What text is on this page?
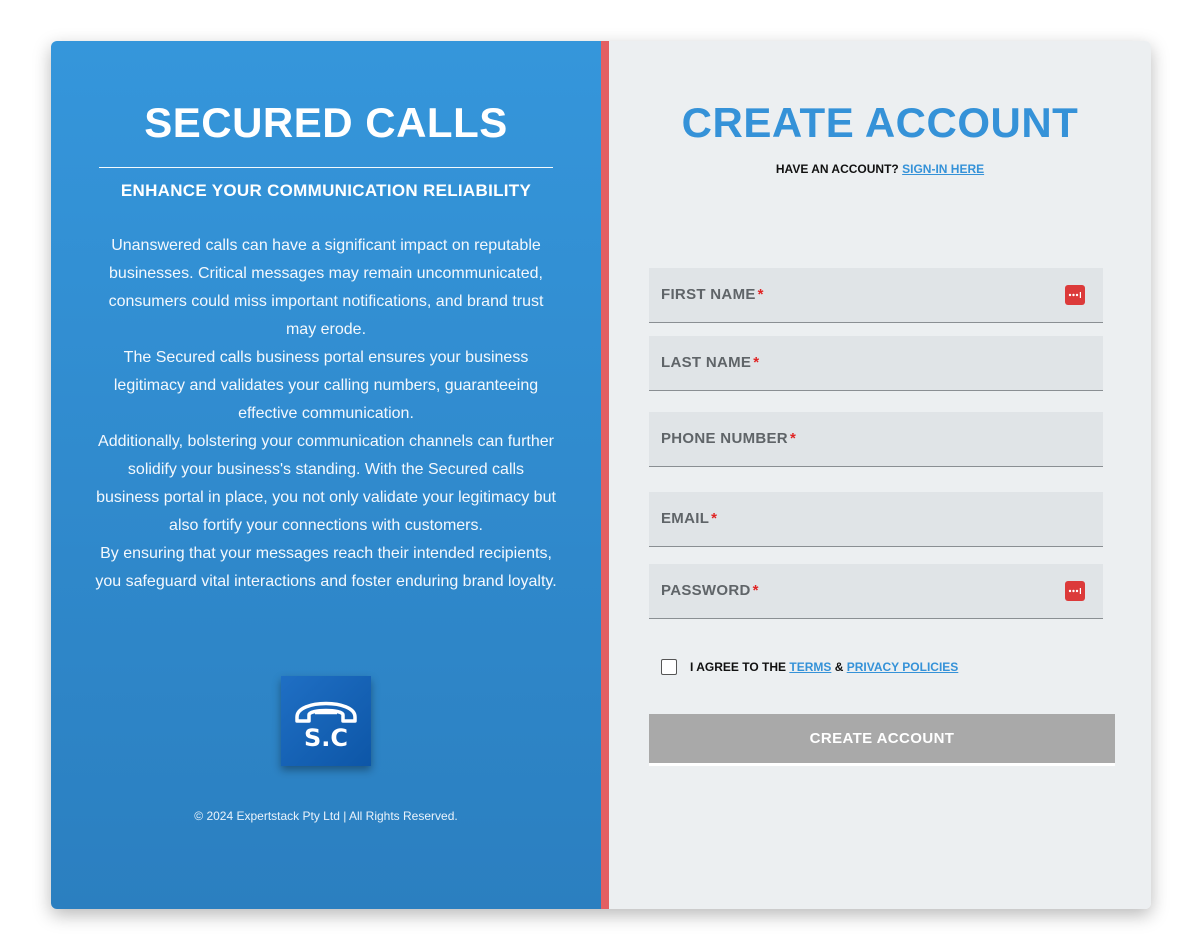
SECURED CALLS
ENHANCE YOUR COMMUNICATION RELIABILITY

Unanswered calls can have a significant impact on reputable businesses. Critical messages may remain uncommunicated, consumers could miss important notifications, and brand trust may erode.

The Secured calls business portal ensures your business legitimacy and validates your calling numbers, guaranteeing effective communication.

Additionally, bolstering your communication channels can further solidify your business's standing. With the Secured calls business portal in place, you not only validate your legitimacy but also fortify your connections with customers.

By ensuring that your messages reach their intended recipients, you safeguard vital interactions and foster enduring brand loyalty.

S.C
© 2024 Expertstack Pty Ltd | All Rights Reserved.
CREATE ACCOUNT
HAVE AN ACCOUNT? SIGN-IN HERE
FIRST NAME *
LAST NAME *
PHONE NUMBER *
EMAIL *
PASSWORD *
I AGREE TO THE
TERMS
&
PRIVACY POLICIES
CREATE ACCOUNT
